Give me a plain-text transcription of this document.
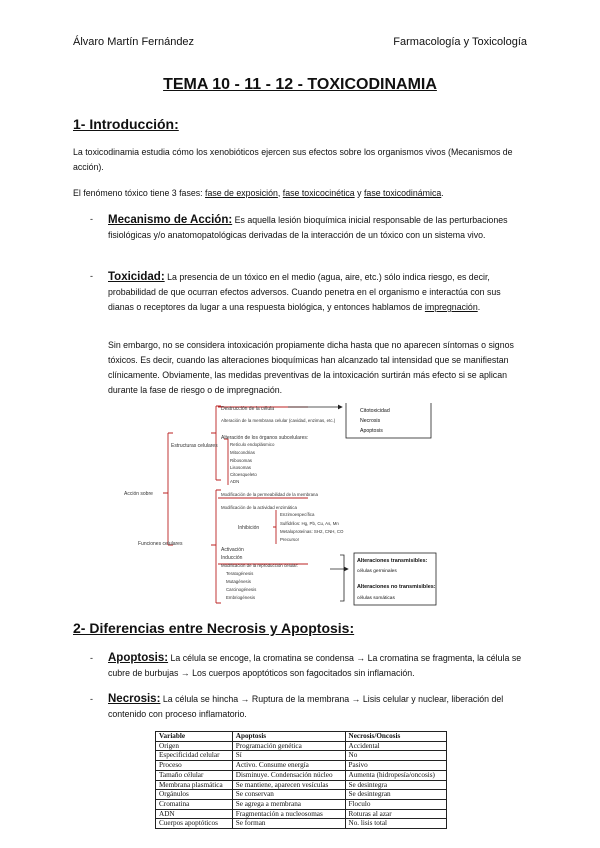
Álvaro Martín Fernández	Farmacología y Toxicología
TEMA 10 - 11 - 12 - TOXICODINAMIA
1- Introducción:
La toxicodinamia estudia cómo los xenobióticos ejercen sus efectos sobre los organismos vivos (Mecanismos de acción).
El fenómeno tóxico tiene 3 fases: fase de exposición, fase toxicocinética y fase toxicodinámica.
- Mecanismo de Acción: Es aquella lesión bioquímica inicial responsable de las perturbaciones fisiológicas y/o anatomopatológicas derivadas de la interacción de un tóxico con un sistema vivo.
- Toxicidad: La presencia de un tóxico en el medio (agua, aire, etc.) sólo indica riesgo, es decir, probabilidad de que ocurran efectos adversos. Cuando penetra en el organismo e interactúa con sus dianas o receptores da lugar a una respuesta biológica, y entonces hablamos de impregnación.
Sin embargo, no se considera intoxicación propiamente dicha hasta que no aparecen síntomas o signos tóxicos. Es decir, cuando las alteraciones bioquímicas han alcanzado tal intensidad que se manifiestan clínicamente. Obviamente, las medidas preventivas de la intoxicación surtirán más efecto si se aplican durante la fase de riesgo o de impregnación.
Acción sobre
Estructuras celulares
Funciones celulares
Destrucción de la célula
Alteración de la membrana celular (cavidad, enzimas, etc.)
Alteración de los órganos subcelulares:
Retículo endoplásmico
Mitocondrias
Ribosomas
Lisosomas
Citoesqueleto
ADN
Modificación de la permeabilidad de la membrana
Modificación de la actividad enzimática
Inhibición
Enzimoespecífica
Sulfidrilos: Hg, Pb, Cu, As, Mn
Metaloproteínas: SH2, CNH, CO
Precursor
Activación
Inducción
Modificación de la reproducción celular:
Teratogénesis
Mutagénesis
Carcinogénesis
Embriogénesis
Citotoxicidad
Necrosis
Apoptosis
Alteraciones transmisibles:
células germinales
Alteraciones no transmisibles:
células somáticas
2- Diferencias entre Necrosis y Apoptosis:
- Apoptosis: La célula se encoge, la cromatina se condensa → La cromatina se fragmenta, la célula se cubre de burbujas → Los cuerpos apoptóticos son fagocitados sin inflamación.
- Necrosis: La célula se hincha → Ruptura de la membrana → Lisis celular y nuclear, liberación del contenido con proceso inflamatorio.
Variable	Apoptosis	Necrosis/Oncosis
Origen	Programación genética	Accidental
Especificidad celular	Sí	No
Proceso	Activo. Consume energía	Pasivo
Tamaño célular	Disminuye. Condensación núcleo	Aumenta (hidropesía/oncosis)
Membrana plasmática	Se mantiene, aparecen vesículas	Se desintegra
Orgánulos	Se conservan	Se desintegran
Cromatina	Se agrega a membrana	Floculo
ADN	Fragmentación a nucleosomas	Roturas al azar
Cuerpos apoptóticos	Se forman	No. lisis total
